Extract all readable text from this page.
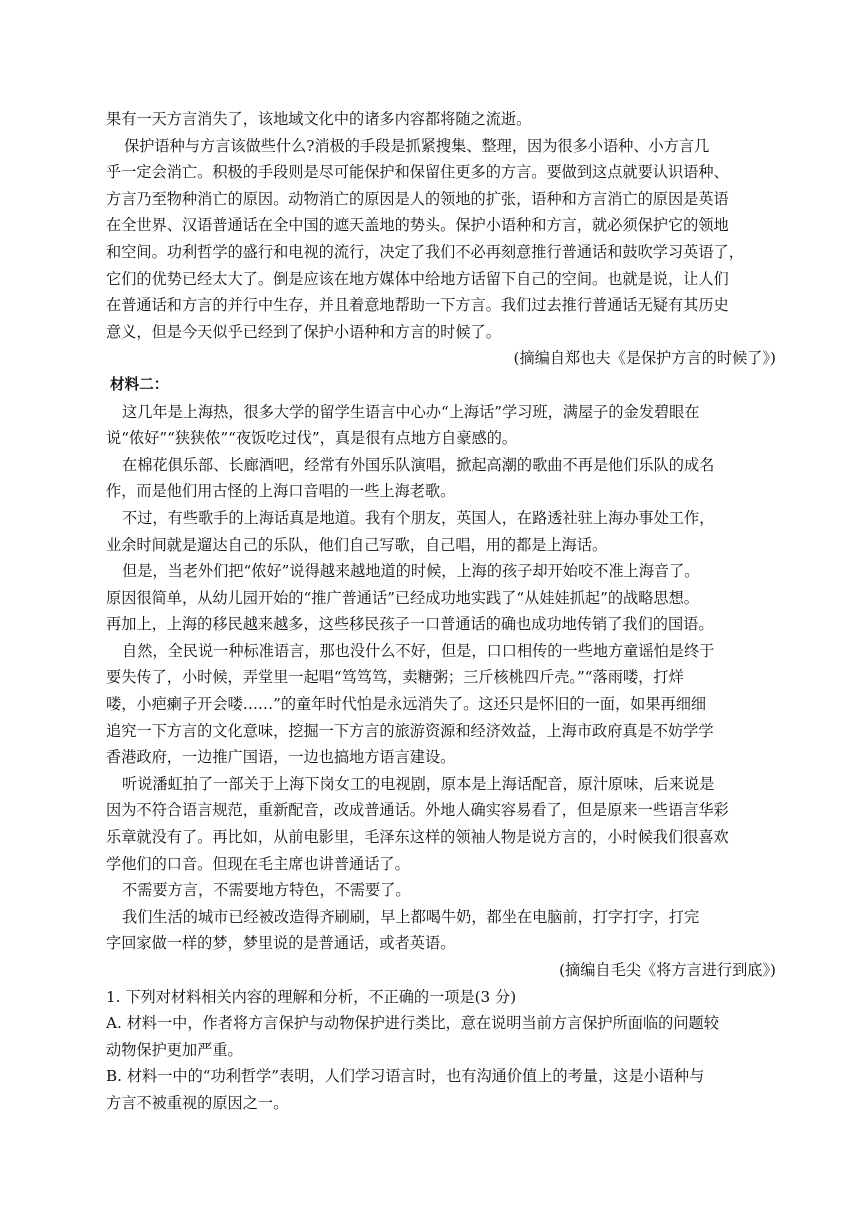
果有一天方言消失了，该地域文化中的诸多内容都将随之流逝。
保护语种与方言该做些什么?消极的手段是抓紧搜集、整理，因为很多小语种、小方言几
乎一定会消亡。积极的手段则是尽可能保护和保留住更多的方言。要做到这点就要认识语种、
方言乃至物种消亡的原因。动物消亡的原因是人的领地的扩张，语种和方言消亡的原因是英语
在全世界、汉语普通话在全中国的遮天盖地的势头。保护小语种和方言，就必须保护它的领地
和空间。功利哲学的盛行和电视的流行，决定了我们不必再刻意推行普通话和鼓吹学习英语了，
它们的优势已经太大了。倒是应该在地方媒体中给地方话留下自己的空间。也就是说，让人们
在普通话和方言的并行中生存，并且着意地帮助一下方言。我们过去推行普通话无疑有其历史
意义，但是今天似乎已经到了保护小语种和方言的时候了。
(摘编自郑也夫《是保护方言的时候了》)
材料二：
这几年是上海热，很多大学的留学生语言中心办“上海话”学习班，满屋子的金发碧眼在
说“侬好”“狭狭侬”“夜饭吃过伐”，真是很有点地方自豪感的。
在棉花俱乐部、长廊酒吧，经常有外国乐队演唱，掀起高潮的歌曲不再是他们乐队的成名
作，而是他们用古怪的上海口音唱的一些上海老歌。
不过，有些歌手的上海话真是地道。我有个朋友，英国人，在路透社驻上海办事处工作，
业余时间就是遛达自己的乐队，他们自己写歌，自己唱，用的都是上海话。
但是，当老外们把“侬好”说得越来越地道的时候，上海的孩子却开始咬不准上海音了。
原因很简单，从幼儿园开始的“推广普通话”已经成功地实践了“从娃娃抓起”的战略思想。
再加上，上海的移民越来越多，这些移民孩子一口普通话的确也成功地传销了我们的国语。
自然，全民说一种标准语言，那也没什么不好，但是，口口相传的一些地方童谣怕是终于
要失传了，小时候，弄堂里一起唱“笃笃笃，卖糖粥；三斤核桃四斤壳。”“落雨喽，打烊
喽，小疤瘌子开会喽……”的童年时代怕是永远消失了。这还只是怀旧的一面，如果再细细
追究一下方言的文化意味，挖掘一下方言的旅游资源和经济效益，上海市政府真是不妨学学
香港政府，一边推广国语，一边也搞地方语言建设。
听说潘虹拍了一部关于上海下岗女工的电视剧，原本是上海话配音，原汁原味，后来说是
因为不符合语言规范，重新配音，改成普通话。外地人确实容易看了，但是原来一些语言华彩
乐章就没有了。再比如，从前电影里，毛泽东这样的领袖人物是说方言的，小时候我们很喜欢
学他们的口音。但现在毛主席也讲普通话了。
不需要方言，不需要地方特色，不需要了。
我们生活的城市已经被改造得齐刷刷，早上都喝牛奶，都坐在电脑前，打字打字，打完
字回家做一样的梦，梦里说的是普通话，或者英语。
(摘编自毛尖《将方言进行到底》)
1. 下列对材料相关内容的理解和分析，不正确的一项是(3 分)
A. 材料一中，作者将方言保护与动物保护进行类比，意在说明当前方言保护所面临的问题较
动物保护更加严重。
B. 材料一中的“功利哲学”表明，人们学习语言时，也有沟通价值上的考量，这是小语种与
方言不被重视的原因之一。
